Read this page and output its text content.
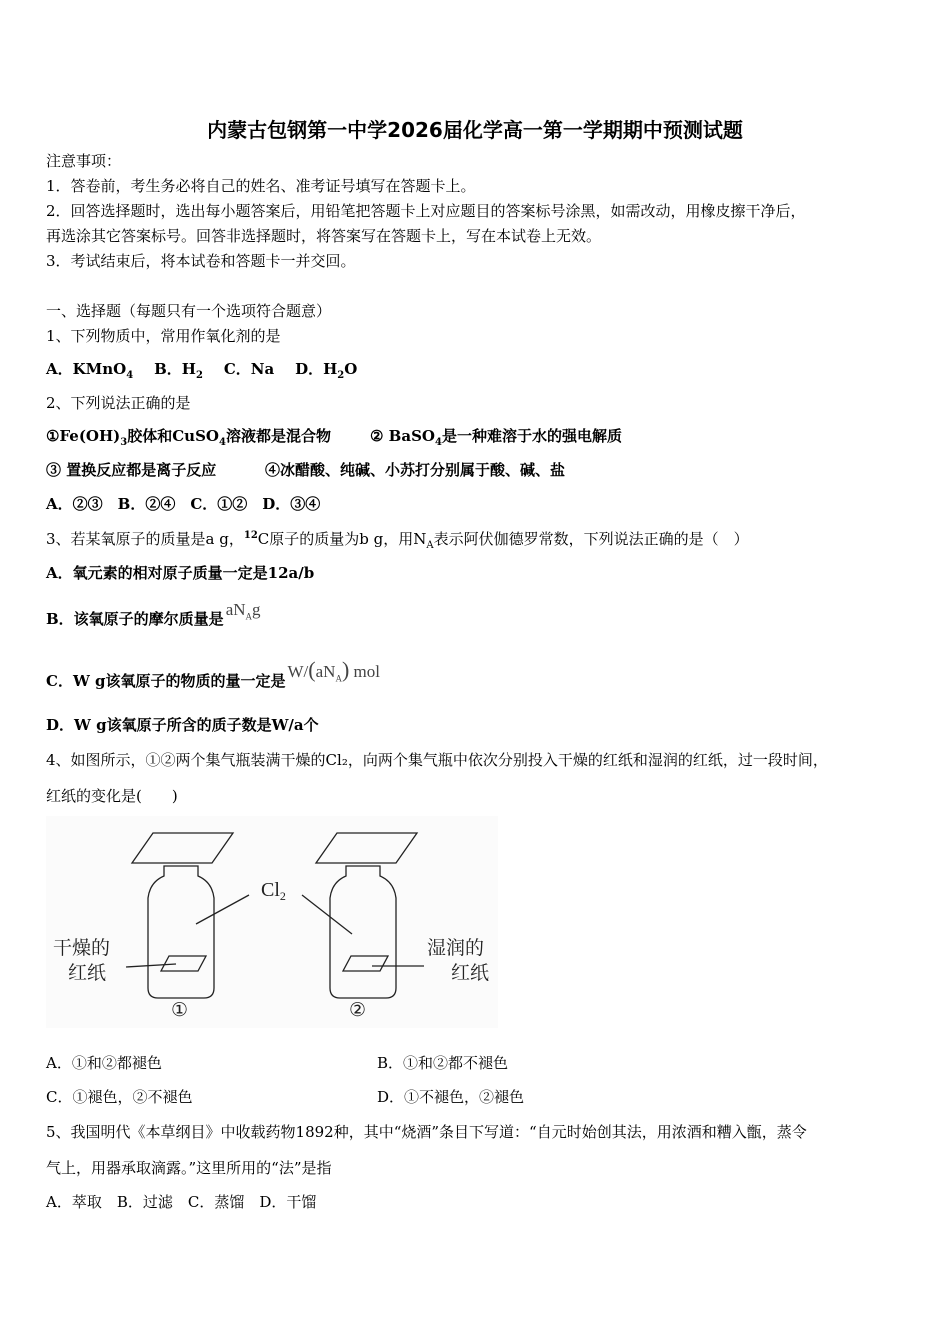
内蒙古包钢第一中学2026届化学高一第一学期期中预测试题
注意事项：
1．答卷前，考生务必将自己的姓名、准考证号填写在答题卡上。
2．回答选择题时，选出每小题答案后，用铅笔把答题卡上对应题目的答案标号涂黑，如需改动，用橡皮擦干净后，
再选涂其它答案标号。回答非选择题时，将答案写在答题卡上，写在本试卷上无效。
3．考试结束后，将本试卷和答题卡一并交回。
一、选择题（每题只有一个选项符合题意）
1、下列物质中，常用作氧化剂的是
A．KMnO$_4$ B．$H_2$ C．Na D．$H_2O$
2、下列说法正确的是
$①Fe(OH)_3$胶体和CuSO$_4$溶液都是混合物	② BaSO$_4$是一种难溶于水的强电解质
③ 置换反应都是离子反应	④冰醋酸、纯碱、小苏打分别属于酸、碱、盐
A．②③　B．②④　C．①②　D．③④
3、若某氧原子的质量是a g，$^{12}$C原子的质量为b g，用$N_A$表示阿伏伽德罗常数，下列说法正确的是（　）
A．氧元素的相对原子质量一定是12a/b
B．该氧原子的摩尔质量是 $aN_Ag$
C．W g该氧原子的物质的量一定是 $W/(aN_A)$ mol
D．W g该氧原子所含的质子数是W/a个
4、如图所示，①②两个集气瓶装满干燥的Cl₂，向两个集气瓶中依次分别投入干燥的红纸和湿润的红纸，过一段时间，
红纸的变化是(　　)
$Cl_2$
干燥的
红纸
湿润的
红纸
①	②
A．①和②都褪色	B．①和②都不褪色
C．①褪色，②不褪色	D．①不褪色，②褪色
5、我国明代《本草纲目》中收载药物1892种，其中“烧酒”条目下写道：“自元时始创其法，用浓酒和糟入甑，蒸令
气上，用器承取滴露。”这里所用的“法”是指
A．萃取　B．过滤　C．蒸馏　D．干馏
